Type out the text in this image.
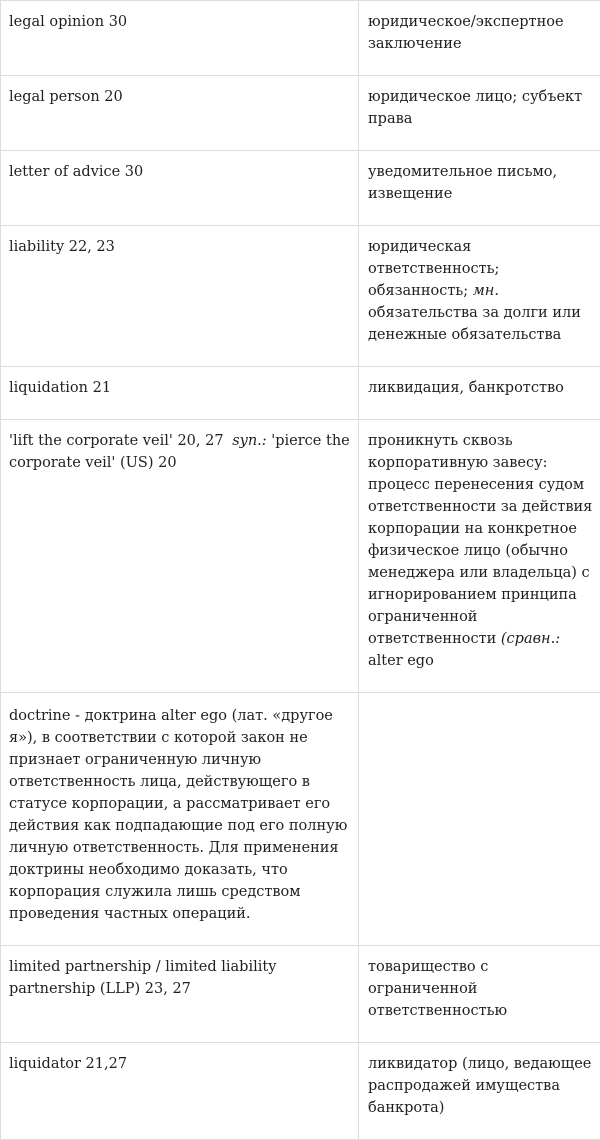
legal opinion 30	юридическое/экспертное заключение
legal person 20	юридическое лицо; субъект права
letter of advice 30	уведомительное письмо, извещение
liability 22, 23	юридическая ответственность; обязанность; мн. обязательства за долги или денежные обязательства
liquidation 21	ликвидация, банкротство
'lift the corporate veil' 20, 27 syn.: 'pierce the corporate veil' (US) 20	проникнуть сквозь корпоративную завесу: процесс перенесения судом ответственности за действия корпорации на конкретное физическое лицо (обычно менеджера или владельца) с игнорированием принципа ограниченной ответственности (сравн.: alter ego
doctrine - доктрина alter ego (лат. «другое я»), в соответствии с которой закон не признает ограниченную личную ответственность лица, действующего в статусе корпорации, а рассматривает его действия как подпадающие под его полную личную ответственность. Для применения доктрины необходимо доказать, что корпорация служила лишь средством проведения частных операций.	
limited partnership / limited liability partnership (LLP) 23, 27	товарищество с ограниченной ответственностью
liquidator 21,27	ликвидатор (лицо, ведающее распродажей имущества банкрота)
